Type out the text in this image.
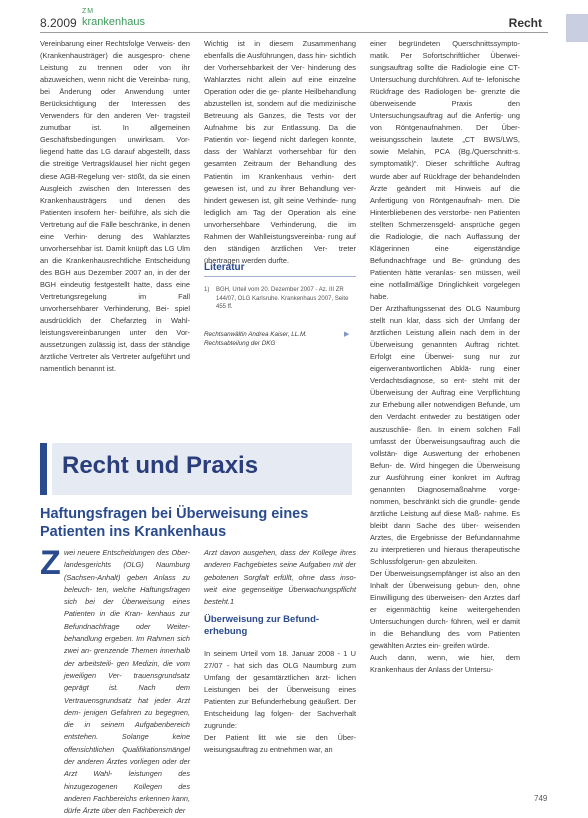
8.2009
ZM
krankenhaus	Recht

Vereinbarung einer Rechtsfolge Verweis- den (Krankenhausträger) die ausgespro- chene Leistung zu trennen oder von ihr abzuweichen, wenn nicht die Vereinba- rung, bei Änderung oder Anwendung unter Berücksichtigung der Interessen des Verwenders für den anderen Ver- tragsteil zumutbar ist. In allgemeinen Geschäftsbedingungen unwirksam. Vor- liegend hatte das LG darauf abgestellt, dass die streitige Vertragsklausel hier nicht gegen diese AGB-Regelung ver- stößt, da sie einen Ausgleich zwischen den Interessen des Krankenhausträgers und denen des Patienten insofern her- beiführe, als sich die Vertretung auf die Fälle beschränke, in denen eine Verhin- derung des Wahlarztes unvorhersehbar ist. Damit knüpft das LG Ulm an die Krankenhausrechtliche Entscheidung des BGH aus Dezember 2007 an, in der der BGH eindeutig festgestellt hatte, dass eine Vertretungsregelung im Fall unvorhersehbarer Verhinderung, Bei- spiel ausdrücklich der Chefarzteg in Wahl- leistungsvereinbarungen unter den Vor- aussetzungen zulässig ist, dass der ständige ärztliche Vertreter als Vertreter aufgeführt und namentlich benannt ist.

Wichtig ist in diesem Zusammenhang ebenfalls die Ausführungen, dass hin- sichtlich der Vorhersehbarkeit der Ver- hinderung des Wahlarztes nicht allein auf eine einzelne Operation oder die ge- plante Heilbehandlung abzustellen ist, sondern auf die medizinische Betreuung als Ganzes, die Tests vor der Aufnahme bis zur Entlassung. Da die Patientin vor- liegend nicht darlegen konnte, dass der Wahlarzt vorhersehbar für den gesamten Zeitraum der Behandlung des Patientin im Krankenhaus verhin- dert gewesen ist, und zu ihrer Behandlung ver- hindert gewesen ist, gilt seine Verhinde- rung lediglich am Tag der Operation als eine unvorhersehbare Verhinderung, die im Rahmen der Wahlleistungsvereinba- rung auf den ständigen ärztlichen Ver- treter übertragen werden durfte.

einer begründeten Querschnittssympto- matik. Per Sofortschriftlicher Überwei- sungsauftrag sollte die Radiologie eine CT-Untersuchung durchführen. Auf te- lefonische Rückfrage des Radiologen be- grenzte die überweisende Praxis den Untersuchungsauftrag auf die Anfertig- ung von Röntgenaufnahmen. Der Über- weisungsschein lautete „CT BWS/LWS, sowie Melahin, PCA (Bg./Querschnitt-s. symptomatik)“. Dieser schriftliche Auftrag wurde aber auf Rückfrage der behandelnden Ärzte geändert mit Hinweis auf die Anfertigung von Röntgenaufnah- men. Die Hinterbliebenen des verstorbe- nen Patienten stellten Schmerzensgeld- ansprüche gegen die Radiologie, die nach Auffassung der Klägerinnen eine eigenständige Befundnachfrage und Be- gründung des Patienten hätte veranlas- sen müssen, weil eine notfallmäßige Dringlichkeit vorgelegen habe.

Der Arzthaftungssenat des OLG Naumburg stellt nun klar, dass sich der Umfang der ärztlichen Leistung allein nach dem in der Überweisung genannten Auftrag richtet. Erfolgt eine Überwei- sung nur zur eigenverantwortlichen Abklä- rung einer Verdachtsdiagnose, so ent- steht mit der Überweisung der Auftrag eine Verpflichtung zur Erhebung aller notwendigen Befunde, um den Verdacht entweder zu bestätigen oder auszuschlie- ßen. In einem solchen Fall umfasst der Überweisungsauftrag auch die vollstän- dige Auswertung der erhobenen Befun- de. Wird hingegen die Überweisung zur Ausführung einer konkret im Auftrag genannten Diagnosemaßnahme vorge- nommen, beschränkt sich die grundle- gende ärztliche Leistung auf diese Maß- nahme. Es bleibt dann Sache des über- weisenden Arztes, die Ergebnisse der Befundannahme zu interpretieren und hieraus therapeutische Schlussfolgerun- gen abzuleiten.

Der Überweisungsempfänger ist also an den Inhalt der Überweisung gebun- den, ohne Einwilligung des überweisen- den Arztes darf er eigenmächtig keine weitergehenden Untersuchungen durch- führen, weil er damit in die Behandlung des vom Patienten gewählten Arztes ein- greifen würde.

Auch dann, wenn, wie hier, dem Krankenhaus der Anlass der Untersu-

Literatur
1) BGH, Urteil vom 20. Dezember 2007 - Az. III ZR 144/07, OLG Karlsruhe. Krankenhaus 2007, Seite 455 ff.
Rechtsanwältin Andrea Kaiser, LL.M. Rechtsabteilung der DKG
▶
Recht und Praxis
Haftungsfragen bei Überweisung eines Patienten ins Krankenhaus
Z wei neuere Entscheidungen des Ober- landesgerichts (OLG) Naumburg (Sachsen-Anhalt) geben Anlass zu beleuch- ten, welche Haftungsfragen sich bei der Überweisung eines Patienten in die Kran- kenhaus zur Befundnachfrage oder Weiter- behandlung ergeben. Im Rahmen sich zwei an- grenzende Themen innerhalb der arbeitsteili- gen Medizin, die vom jeweiligen Ver- trauensgrundsatz geprägt ist. Nach dem Vertrauensgrundsatz hat jeder Arzt dem- jenigen Gefahren zu begegnen, die in seinem Aufgabenbereich entstehen. Solange keine offensichtlichen Qualifikationsmängel der anderen Ärztes vorliegen oder der Arzt Wahl- leistungen des hinzugezogenen Kollegen des anderen Fachbereichs erkennen kann, dürfe Ärzte über den Fachbereich der

Arzt davon ausgehen, dass der Kollege ihres anderen Fachgebietes seine Aufgaben mit der gebotenen Sorgfalt erfüllt, ohne dass inso- weit eine gegenseitige Überwachungspflicht besteht.1

Überweisung zur Befund- erhebung

In seinem Urteil vom 18. Januar 2008 - 1 U 27/07 - hat sich das OLG Naumburg zum Umfang der gesamtärztlichen ärzt- lichen Leistungen bei der Überweisung eines Patienten zur Befunderhebung geäußert. Der Entscheidung lag folgen- der Sachverhalt zugrunde:

Der Patient litt wie sie den Über- weisungsauftrag zu entnehmen war, an

749
